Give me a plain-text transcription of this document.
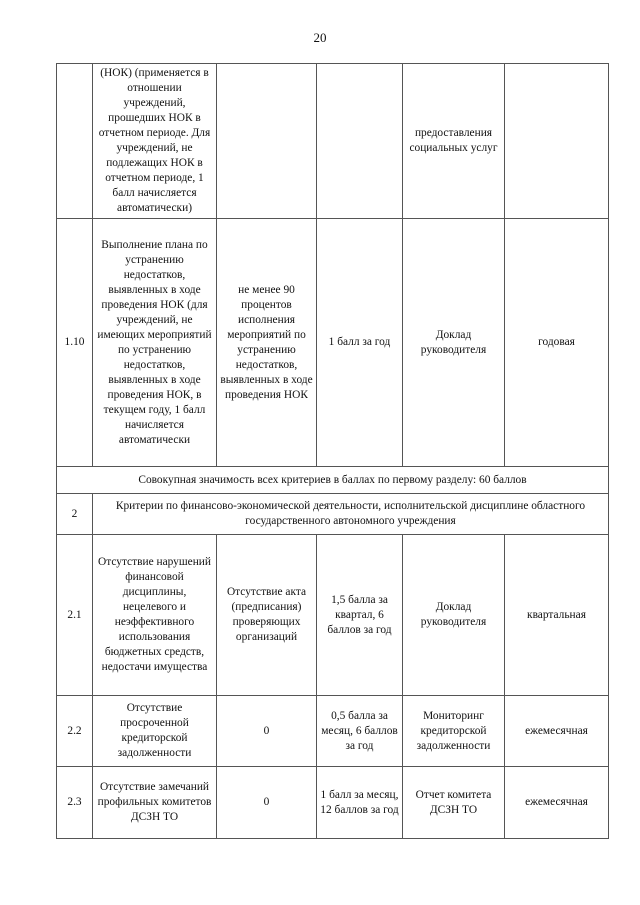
20
	(НОК) (применяется в отношении учреждений, прошедших НОК в отчетном периоде. Для учреждений, не подлежащих НОК в отчетном периоде, 1 балл начисляется автоматически)			предоставления социальных услуг	
1.10	Выполнение плана по устранению недостатков, выявленных в ходе проведения НОК (для учреждений, не имеющих мероприятий по устранению недостатков, выявленных в ходе проведения НОК, в текущем году, 1 балл начисляется автоматически	не менее 90 процентов исполнения мероприятий по устранению недостатков, выявленных в ходе проведения НОК	1 балл за год	Доклад руководителя	годовая
Совокупная значимость всех критериев в баллах по первому разделу: 60 баллов					
2	Критерии по финансово-экономической деятельности, исполнительской дисциплине областного государственного автономного учреждения				
2.1	Отсутствие нарушений финансовой дисциплины, нецелевого и неэффективного использования бюджетных средств, недостачи имущества	Отсутствие акта (предписания) проверяющих организаций	1,5 балла за квартал, 6 баллов за год	Доклад руководителя	квартальная
2.2	Отсутствие просроченной кредиторской задолженности	0	0,5 балла за месяц, 6 баллов за год	Мониторинг кредиторской задолженности	ежемесячная
2.3	Отсутствие замечаний профильных комитетов ДСЗН ТО	0	1 балл за месяц, 12 баллов за год	Отчет комитета ДСЗН ТО	ежемесячная
